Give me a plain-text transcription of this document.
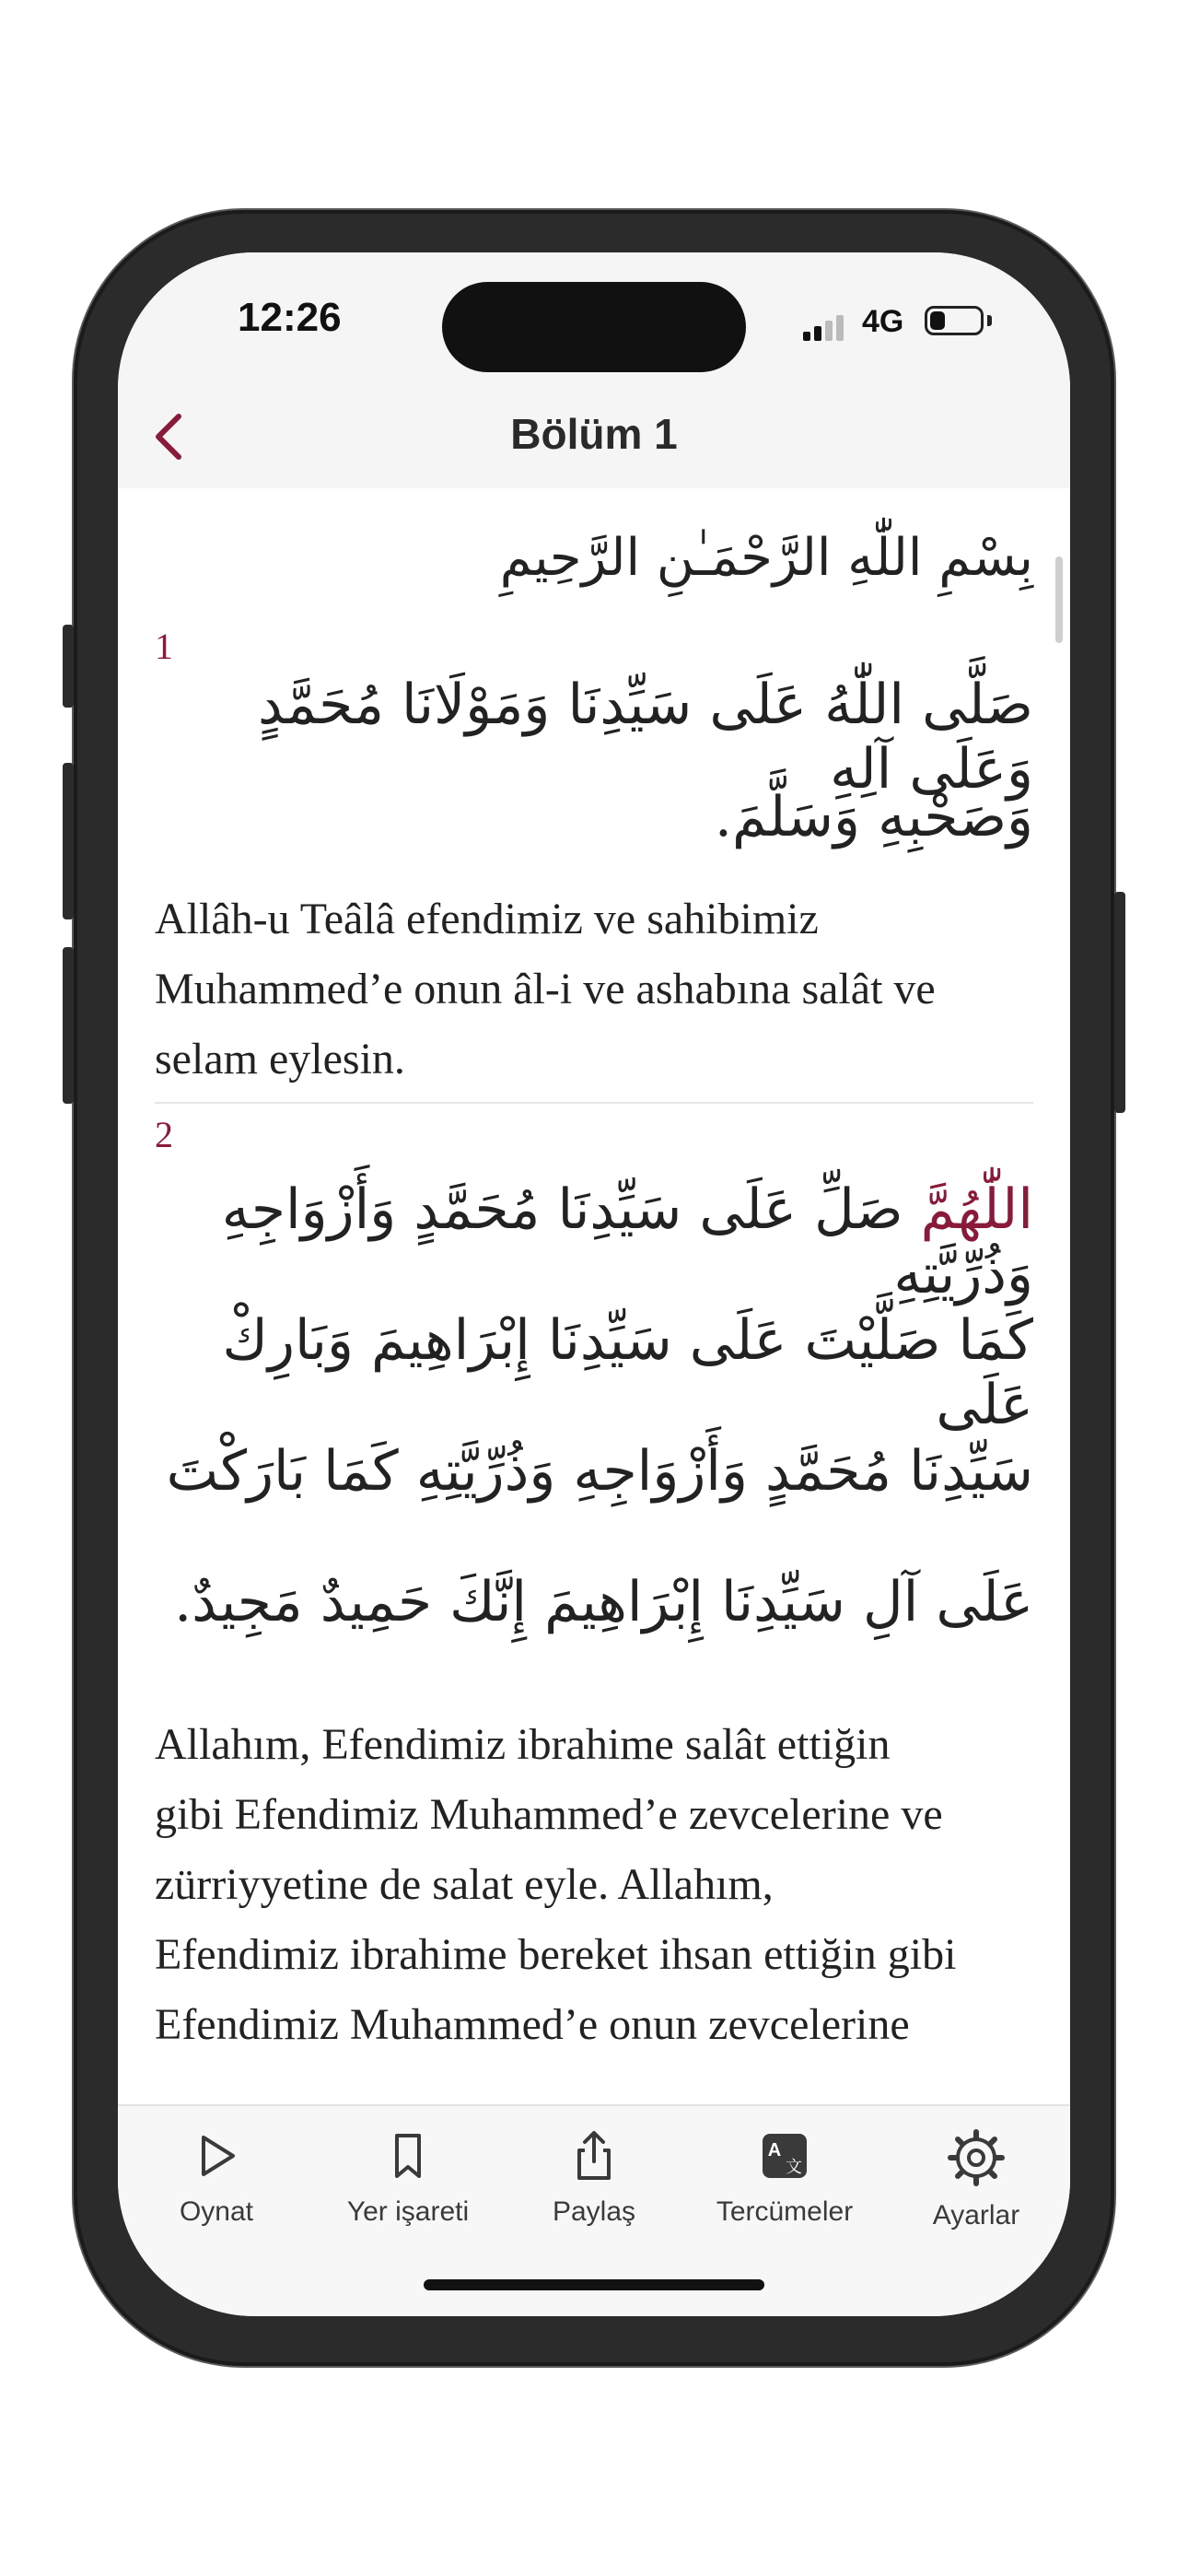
12:26	4G
Bölüm 1
بِسْمِ اللّٰهِ الرَّحْمَـٰنِ الرَّحِيمِ
1
صَلَّى اللّٰهُ عَلَى سَيِّدِنَا وَمَوْلَانَا مُحَمَّدٍ وَعَلَى آلِهِ
وَصَحْبِهِ وَسَلَّمَ.
Allâh-u Teâlâ efendimiz ve sahibimiz
Muhammed’e onun âl-i ve ashabına salât ve
selam eylesin.
2
اللّٰهُمَّ صَلِّ عَلَى سَيِّدِنَا مُحَمَّدٍ وَأَزْوَاجِهِ وَذُرِّيَّتِهِ
كَمَا صَلَّيْتَ عَلَى سَيِّدِنَا إِبْرَاهِيمَ وَبَارِكْ عَلَى
سَيِّدِنَا مُحَمَّدٍ وَأَزْوَاجِهِ وَذُرِّيَّتِهِ كَمَا بَارَكْتَ
عَلَى آلِ سَيِّدِنَا إِبْرَاهِيمَ إِنَّكَ حَمِيدٌ مَجِيدٌ.
Allahım, Efendimiz ibrahime salât ettiğin
gibi Efendimiz Muhammed’e zevcelerine ve
zürriyyetine de salat eyle. Allahım,
Efendimiz ibrahime bereket ihsan ettiğin gibi
Efendimiz Muhammed’e onun zevcelerine
Oynat	Yer işareti	Paylaş
A
文
Tercümeler	Ayarlar
